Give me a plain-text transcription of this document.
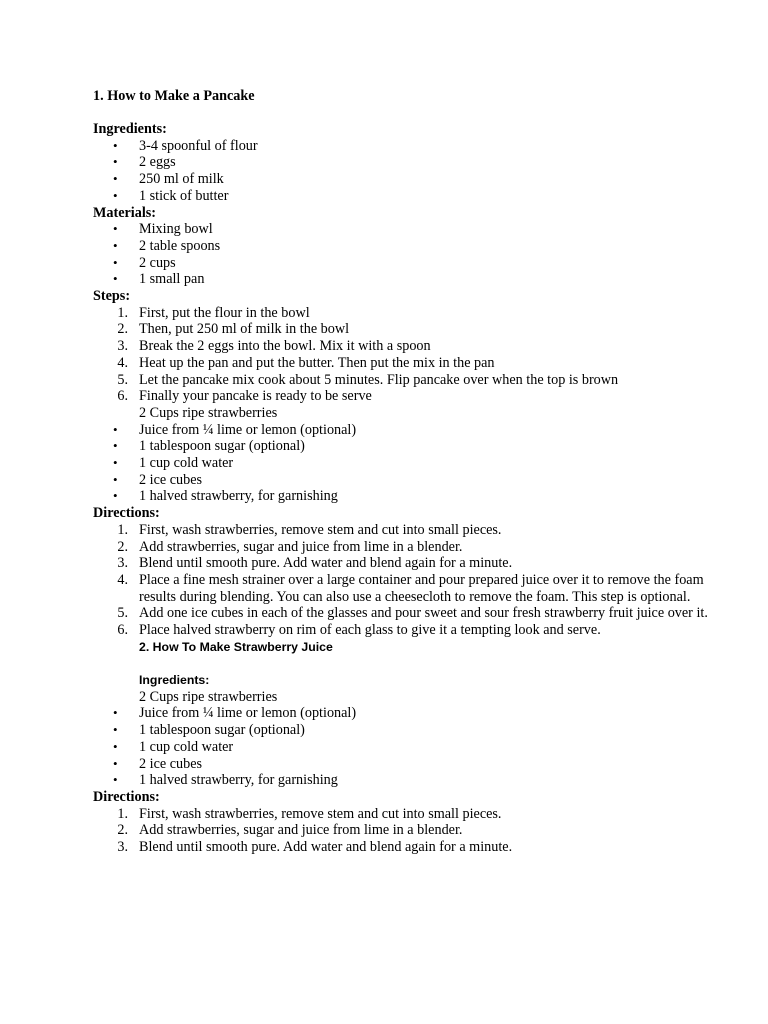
1. How to Make a Pancake

Ingredients:

• 3-4 spoonful of flour
• 2 eggs
• 250 ml of milk
• 1 stick of butter

Materials:

• Mixing bowl
• 2 table spoons
• 2 cups
• 1 small pan

Steps:

1. First, put the flour in the bowl
2. Then, put 250 ml of milk in the bowl
3. Break the 2 eggs into the bowl. Mix it with a spoon
4. Heat up the pan and put the butter. Then put the mix in the pan
5. Let the pancake mix cook about 5 minutes. Flip pancake over when the top is brown
6. Finally your pancake is ready to be serve
2 Cups ripe strawberries
• Juice from ¼ lime or lemon (optional)
• 1 tablespoon sugar (optional)
• 1 cup cold water
• 2 ice cubes
• 1 halved strawberry, for garnishing

Directions:

1. First, wash strawberries, remove stem and cut into small pieces.
2. Add strawberries, sugar and juice from lime in a blender.
3. Blend until smooth pure. Add water and blend again for a minute.
4. Place a fine mesh strainer over a large container and pour prepared juice over it to remove the foam results during blending. You can also use a cheesecloth to remove the foam. This step is optional.
5. Add one ice cubes in each of the glasses and pour sweet and sour fresh strawberry fruit juice over it.
6. Place halved strawberry on rim of each glass to give it a tempting look and serve.
2. How To Make Strawberry Juice
Ingredients:
2 Cups ripe strawberries
• Juice from ¼ lime or lemon (optional)
• 1 tablespoon sugar (optional)
• 1 cup cold water
• 2 ice cubes
• 1 halved strawberry, for garnishing

Directions:

1. First, wash strawberries, remove stem and cut into small pieces.
2. Add strawberries, sugar and juice from lime in a blender.
3. Blend until smooth pure. Add water and blend again for a minute.
